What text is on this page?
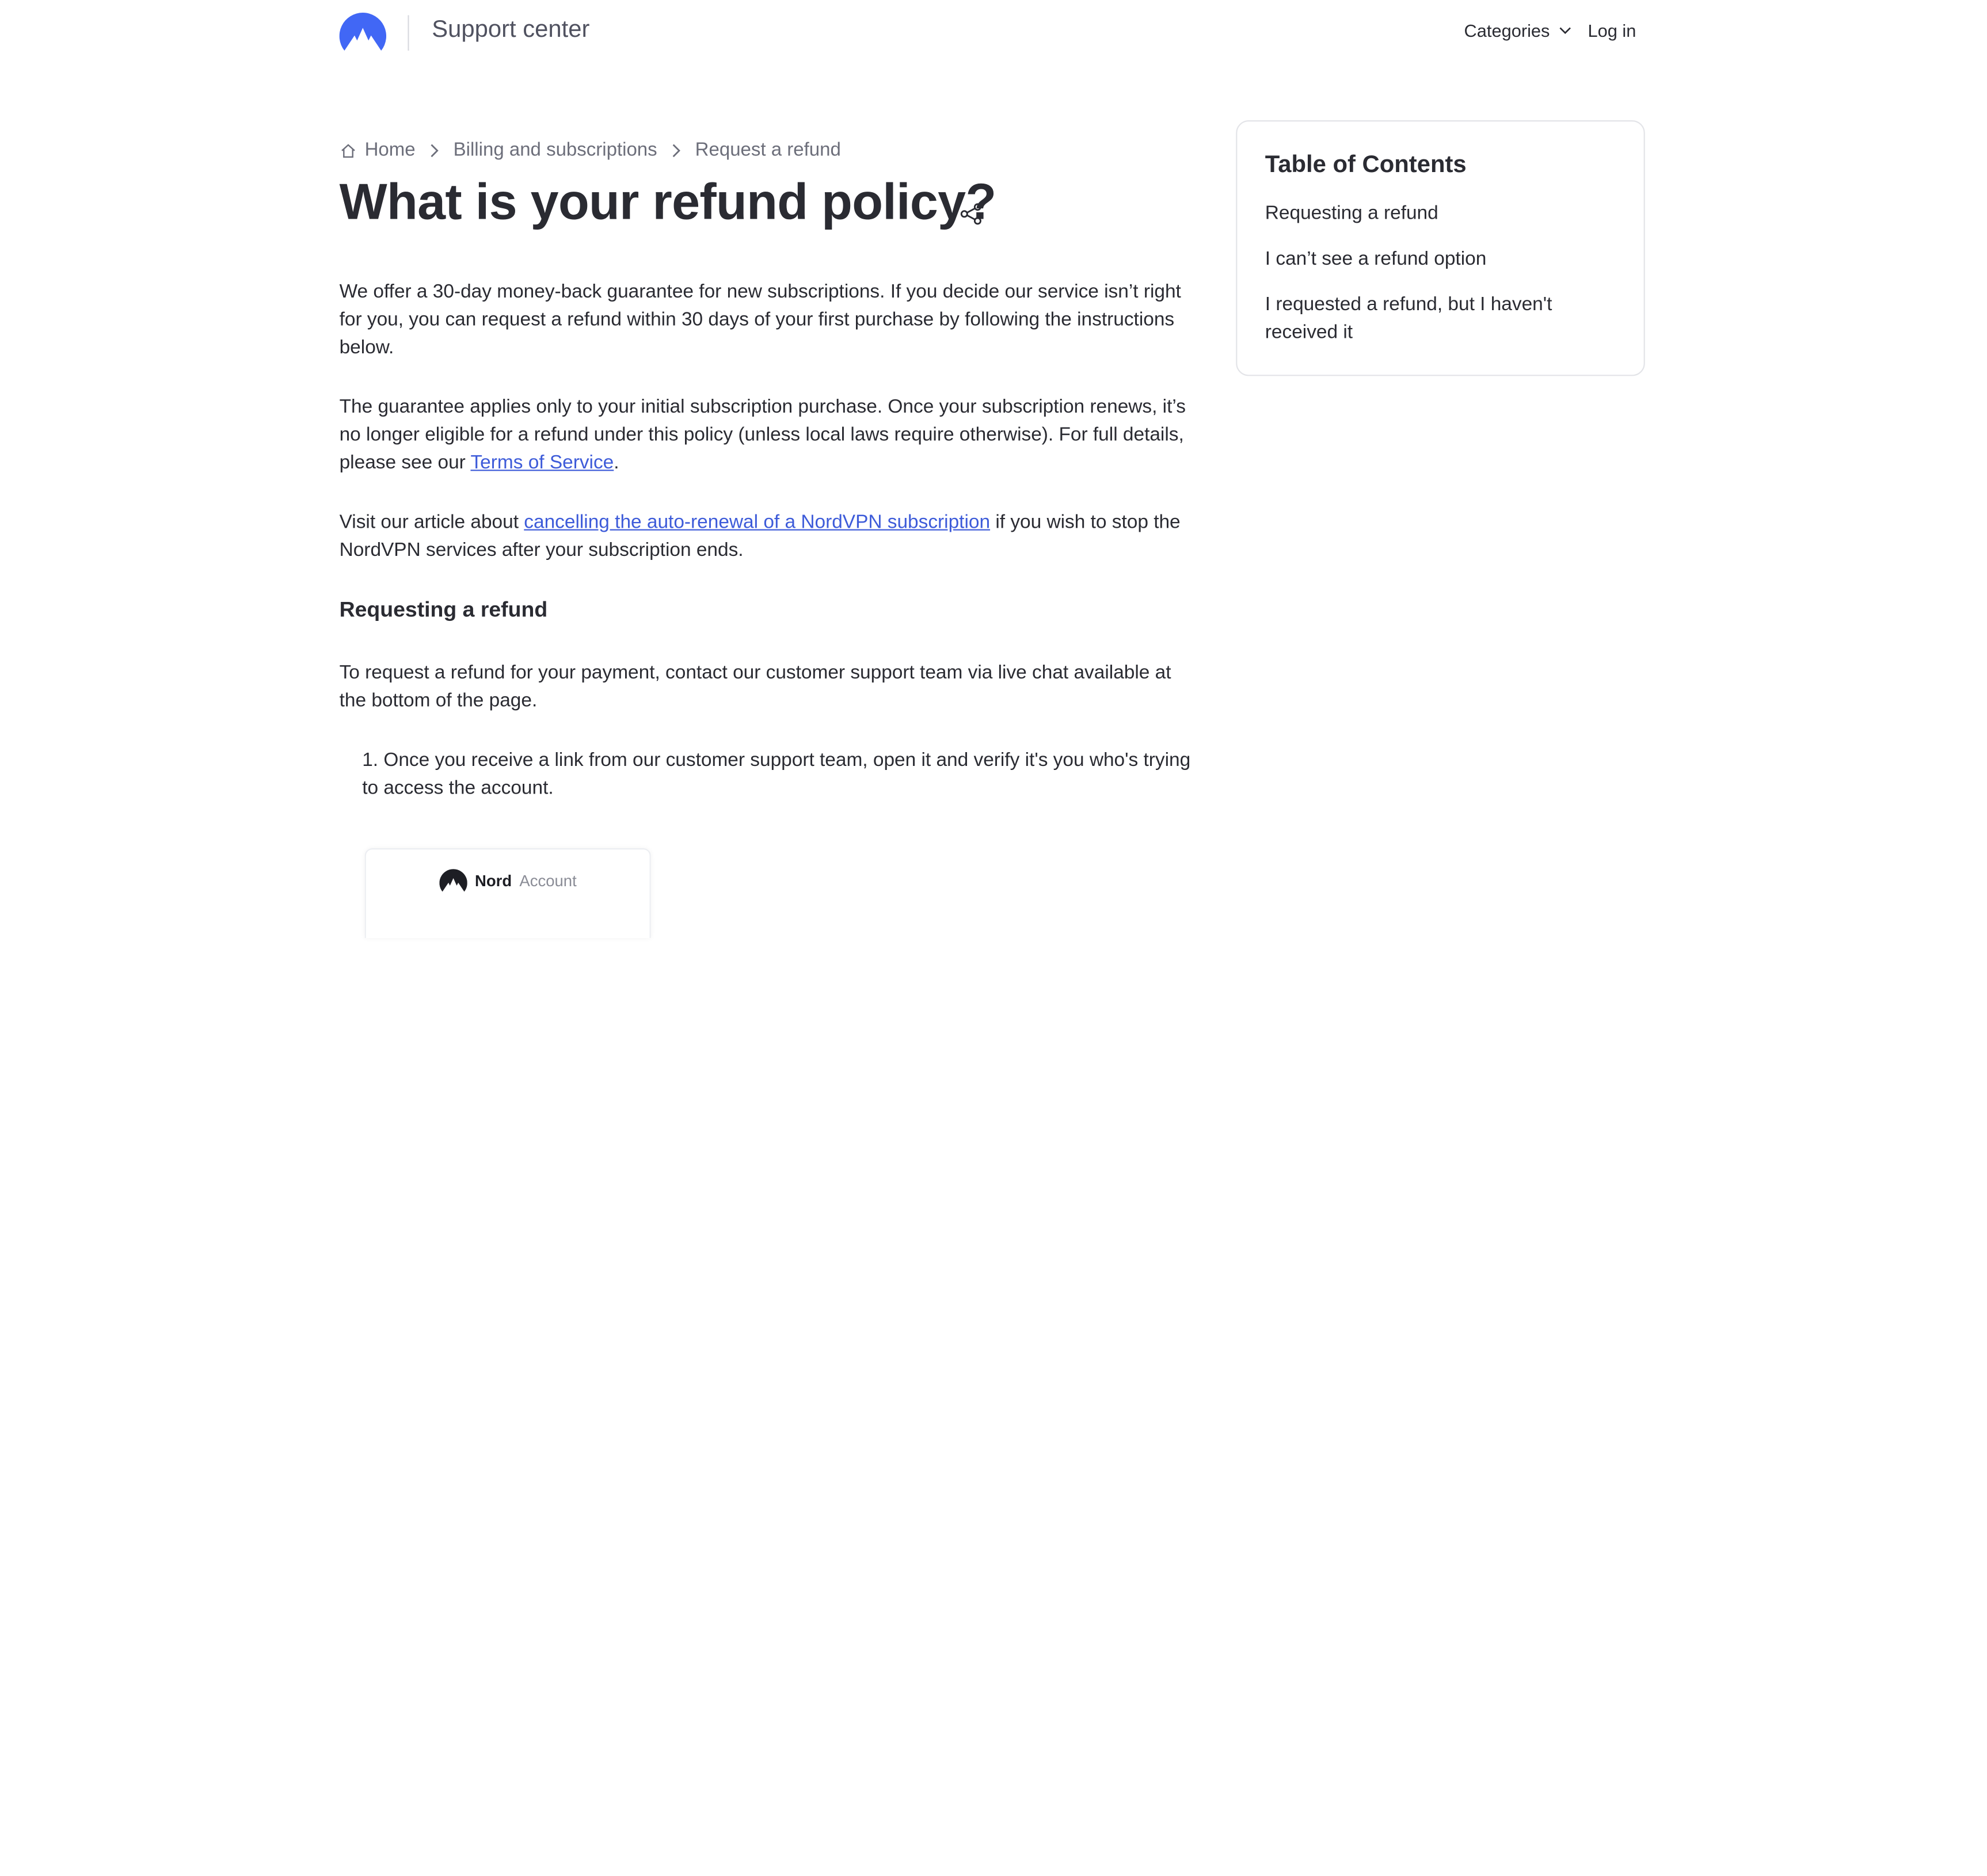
Support center	Categories	Log in
Home	Billing and subscriptions	Request a refund
What is your refund policy?

We offer a 30-day money-back guarantee for new subscriptions. If you decide our service isn’t right for you, you can request a refund within 30 days of your first purchase by following the instructions below.

The guarantee applies only to your initial subscription purchase. Once your subscription renews, it’s no longer eligible for a refund under this policy (unless local laws require otherwise). For full details, please see our Terms of Service.

Visit our article about cancelling the auto-renewal of a NordVPN subscription if you wish to stop the NordVPN services after your subscription ends.

Requesting a refund

To request a refund for your payment, contact our customer support team via live chat available at the bottom of the page.

1. Once you receive a link from our customer support team, open it and verify it's you who's trying to access the account.

Nord Account
Table of Contents
Requesting a refund
I can’t see a refund option
I requested a refund, but I haven't received it
